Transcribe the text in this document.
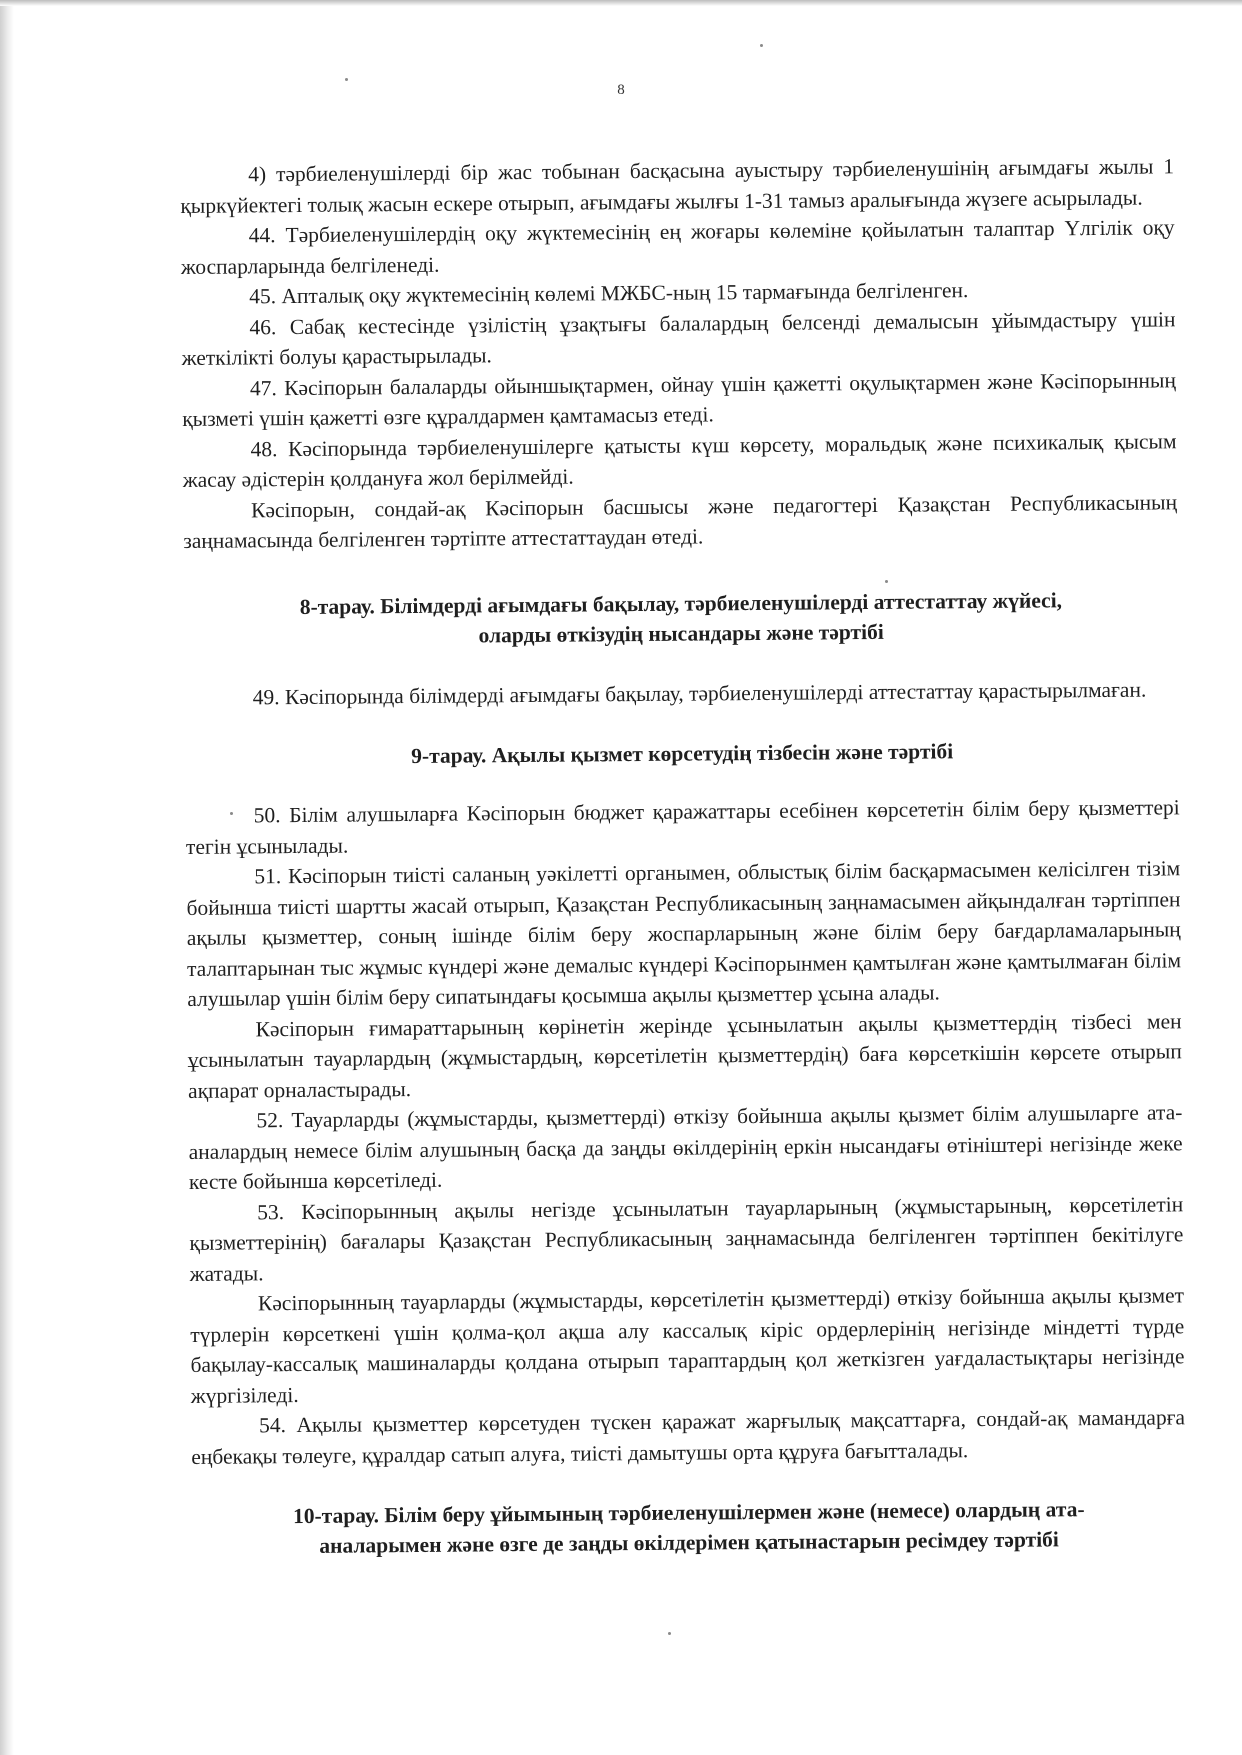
8

4) тәрбиеленушілерді бір жас тобынан басқасына ауыстыру тәрбиеленушінің ағымдағы жылы 1 қыркүйектегі толық жасын ескере отырып, ағымдағы жылғы 1-31 тамыз аралығында жүзеге асырылады.

44. Тәрбиеленушілердің оқу жүктемесінің ең жоғары көлеміне қойылатын талаптар Үлгілік оқу жоспарларында белгіленеді.

45. Апталық оқу жүктемесінің көлемі МЖБС-ның 15 тармағында белгіленген.

46. Сабақ кестесінде үзілістің ұзақтығы балалардың белсенді демалысын ұйымдастыру үшін жеткілікті болуы қарастырылады.

47. Кәсіпорын балаларды ойыншықтармен, ойнау үшін қажетті оқулықтармен және Кәсіпорынның қызметі үшін қажетті өзге құралдармен қамтамасыз етеді.

48. Кәсіпорында тәрбиеленушілерге қатысты күш көрсету, моральдық және психикалық қысым жасау әдістерін қолдануға жол берілмейді.

Кәсіпорын, сондай-ақ Кәсіпорын басшысы және педагогтері Қазақстан Республикасының заңнамасында белгіленген тәртіпте аттестаттаудан өтеді.

8-тарау. Білімдерді ағымдағы бақылау, тәрбиеленушілерді аттестаттау жүйесі,
оларды өткізудің нысандары және тәртібі

49. Кәсіпорында білімдерді ағымдағы бақылау, тәрбиеленушілерді аттестаттау қарастырылмаған.

9-тарау. Ақылы қызмет көрсетудің тізбесін және тәртібі

50. Білім алушыларға Кәсіпорын бюджет қаражаттары есебінен көрсететін білім беру қызметтері тегін ұсынылады.

51. Кәсіпорын тиісті саланың уәкілетті органымен, облыстық білім басқармасымен келісілген тізім бойынша тиісті шартты жасай отырып, Қазақстан Республикасының заңнамасымен айқындалған тәртіппен ақылы қызметтер, соның ішінде білім беру жоспарларының және білім беру бағдарламаларының талаптарынан тыс жұмыс күндері және демалыс күндері Кәсіпорынмен қамтылған және қамтылмаған білім алушылар үшін білім беру сипатындағы қосымша ақылы қызметтер ұсына алады.

Кәсіпорын ғимараттарының көрінетін жерінде ұсынылатын ақылы қызметтердің тізбесі мен ұсынылатын тауарлардың (жұмыстардың, көрсетілетін қызметтердің) баға көрсеткішін көрсете отырып ақпарат орналастырады.

52. Тауарларды (жұмыстарды, қызметтерді) өткізу бойынша ақылы қызмет білім алушыларге ата-аналардың немесе білім алушының басқа да заңды өкілдерінің еркін нысандағы өтініштері негізінде жеке кесте бойынша көрсетіледі.

53. Кәсіпорынның ақылы негізде ұсынылатын тауарларының (жұмыстарының, көрсетілетін қызметтерінің) бағалары Қазақстан Республикасының заңнамасында белгіленген тәртіппен бекітілуге жатады.

Кәсіпорынның тауарларды (жұмыстарды, көрсетілетін қызметтерді) өткізу бойынша ақылы қызмет түрлерін көрсеткені үшін қолма-қол ақша алу кассалық кіріс ордерлерінің негізінде міндетті түрде бақылау-кассалық машиналарды қолдана отырып тараптардың қол жеткізген уағдаластықтары негізінде жүргізіледі.

54. Ақылы қызметтер көрсетуден түскен қаражат жарғылық мақсаттарға, сондай-ақ мамандарға еңбекақы төлеуге, құралдар сатып алуға, тиісті дамытушы орта құруға бағытталады.

10-тарау. Білім беру ұйымының тәрбиеленушілермен және (немесе) олардың ата-
аналарымен және өзге де заңды өкілдерімен қатынастарын ресімдеу тәртібі
